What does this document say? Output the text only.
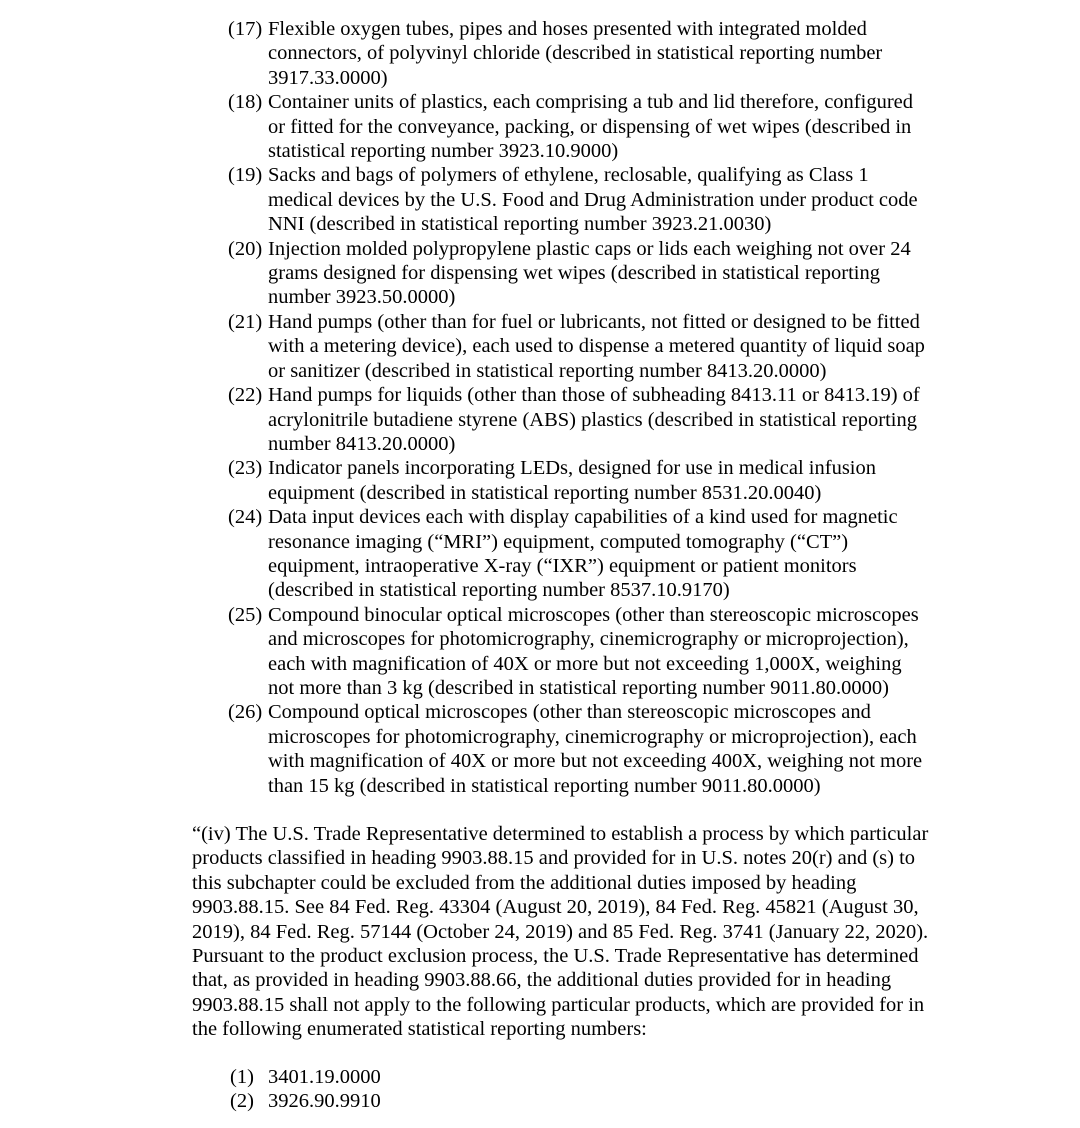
(17) Flexible oxygen tubes, pipes and hoses presented with integrated molded
connectors, of polyvinyl chloride (described in statistical reporting number
3917.33.0000)
(18) Container units of plastics, each comprising a tub and lid therefore, configured
or fitted for the conveyance, packing, or dispensing of wet wipes (described in
statistical reporting number 3923.10.9000)
(19) Sacks and bags of polymers of ethylene, reclosable, qualifying as Class 1
medical devices by the U.S. Food and Drug Administration under product code
NNI (described in statistical reporting number 3923.21.0030)
(20) Injection molded polypropylene plastic caps or lids each weighing not over 24
grams designed for dispensing wet wipes (described in statistical reporting
number 3923.50.0000)
(21) Hand pumps (other than for fuel or lubricants, not fitted or designed to be fitted
with a metering device), each used to dispense a metered quantity of liquid soap
or sanitizer (described in statistical reporting number 8413.20.0000)
(22) Hand pumps for liquids (other than those of subheading 8413.11 or 8413.19) of
acrylonitrile butadiene styrene (ABS) plastics (described in statistical reporting
number 8413.20.0000)
(23) Indicator panels incorporating LEDs, designed for use in medical infusion
equipment (described in statistical reporting number 8531.20.0040)
(24) Data input devices each with display capabilities of a kind used for magnetic
resonance imaging (“MRI”) equipment, computed tomography (“CT”)
equipment, intraoperative X-ray (“IXR”) equipment or patient monitors
(described in statistical reporting number 8537.10.9170)
(25) Compound binocular optical microscopes (other than stereoscopic microscopes
and microscopes for photomicrography, cinemicrography or microprojection),
each with magnification of 40X or more but not exceeding 1,000X, weighing
not more than 3 kg (described in statistical reporting number 9011.80.0000)
(26) Compound optical microscopes (other than stereoscopic microscopes and
microscopes for photomicrography, cinemicrography or microprojection), each
with magnification of 40X or more but not exceeding 400X, weighing not more
than 15 kg (described in statistical reporting number 9011.80.0000)
“(iv) The U.S. Trade Representative determined to establish a process by which particular
products classified in heading 9903.88.15 and provided for in U.S. notes 20(r) and (s) to
this subchapter could be excluded from the additional duties imposed by heading
9903.88.15. See 84 Fed. Reg. 43304 (August 20, 2019), 84 Fed. Reg. 45821 (August 30,
2019), 84 Fed. Reg. 57144 (October 24, 2019) and 85 Fed. Reg. 3741 (January 22, 2020).
Pursuant to the product exclusion process, the U.S. Trade Representative has determined
that, as provided in heading 9903.88.66, the additional duties provided for in heading
9903.88.15 shall not apply to the following particular products, which are provided for in
the following enumerated statistical reporting numbers:
(1) 3401.19.0000
(2) 3926.90.9910
